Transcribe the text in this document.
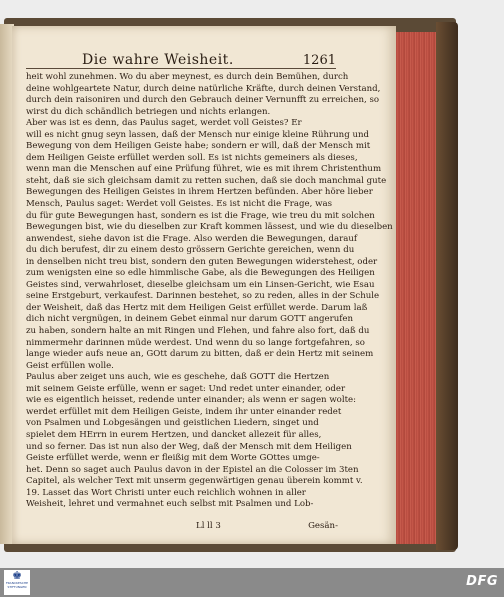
Die wahre Weisheit.	1261
heit wohl zunehmen. Wo du aber meynest, es durch dein Bemühen, durch
deine wohlgeartete Natur, durch deine natürliche Kräfte, durch deinen Verstand,
durch dein raisoniren und durch den Gebrauch deiner Vernunfft zu erreichen, so
wirst du dich schändlich betriegen und nichts erlangen.
Aber was ist es denn, das Paulus saget, werdet voll Geistes? Er
will es nicht gnug seyn lassen, daß der Mensch nur einige kleine Rührung und
Bewegung von dem Heiligen Geiste habe; sondern er will, daß der Mensch mit
dem Heiligen Geiste erfüllet werden soll. Es ist nichts gemeiners als dieses,
wenn man die Menschen auf eine Prüfung führet, wie es mit ihrem Christenthum
steht, daß sie sich gleichsam damit zu retten suchen, daß sie doch manchmal gute
Bewegungen des Heiligen Geistes in ihrem Hertzen befünden. Aber höre lieber
Mensch, Paulus saget: Werdet voll Geistes. Es ist nicht die Frage, was
du für gute Bewegungen hast, sondern es ist die Frage, wie treu du mit solchen
Bewegungen bist, wie du dieselben zur Kraft kommen lässest, und wie du dieselben
anwendest, siehe davon ist die Frage. Also werden die Bewegungen, darauf
du dich berufest, dir zu einem desto grössern Gerichte gereichen, wenn du
in denselben nicht treu bist, sondern den guten Bewegungen widerstehest, oder
zum wenigsten eine so edle himmlische Gabe, als die Bewegungen des Heiligen
Geistes sind, verwahrloset, dieselbe gleichsam um ein Linsen-Gericht, wie Esau
seine Erstgeburt, verkaufest. Darinnen bestehet, so zu reden, alles in der Schule
der Weisheit, daß das Hertz mit dem Heiligen Geist erfüllet werde. Darum laß
dich nicht vergnügen, in deinem Gebet einmal nur darum GOTT angerufen
zu haben, sondern halte an mit Ringen und Flehen, und fahre also fort, daß du
nimmermehr darinnen müde werdest. Und wenn du so lange fortgefahren, so
lange wieder aufs neue an, GOtt darum zu bitten, daß er dein Hertz mit seinem
Geist erfüllen wolle.
Paulus aber zeiget uns auch, wie es geschehe, daß GOTT die Hertzen
mit seinem Geiste erfülle, wenn er saget: Und redet unter einander, oder
wie es eigentlich heisset, redende unter einander; als wenn er sagen wolte:
werdet erfüllet mit dem Heiligen Geiste, indem ihr unter einander redet
von Psalmen und Lobgesängen und geistlichen Liedern, singet und
spielet dem HErrn in eurem Hertzen, und dancket allezeit für alles,
und so ferner. Das ist nun also der Weg, daß der Mensch mit dem Heiligen
Geiste erfüllet werde, wenn er fleißig mit dem Worte GOttes umge-
het. Denn so saget auch Paulus davon in der Epistel an die Colosser im 3ten
Capitel, als welcher Text mit unserm gegenwärtigen genau überein kommt v.
19. Lasset das Wort Christi unter euch reichlich wohnen in aller
Weisheit, lehret und vermahnet euch selbst mit Psalmen und Lob-
Ll ll 3	Gesän-
♚
FRANCKESCHE STIFTUNGEN	DFG
